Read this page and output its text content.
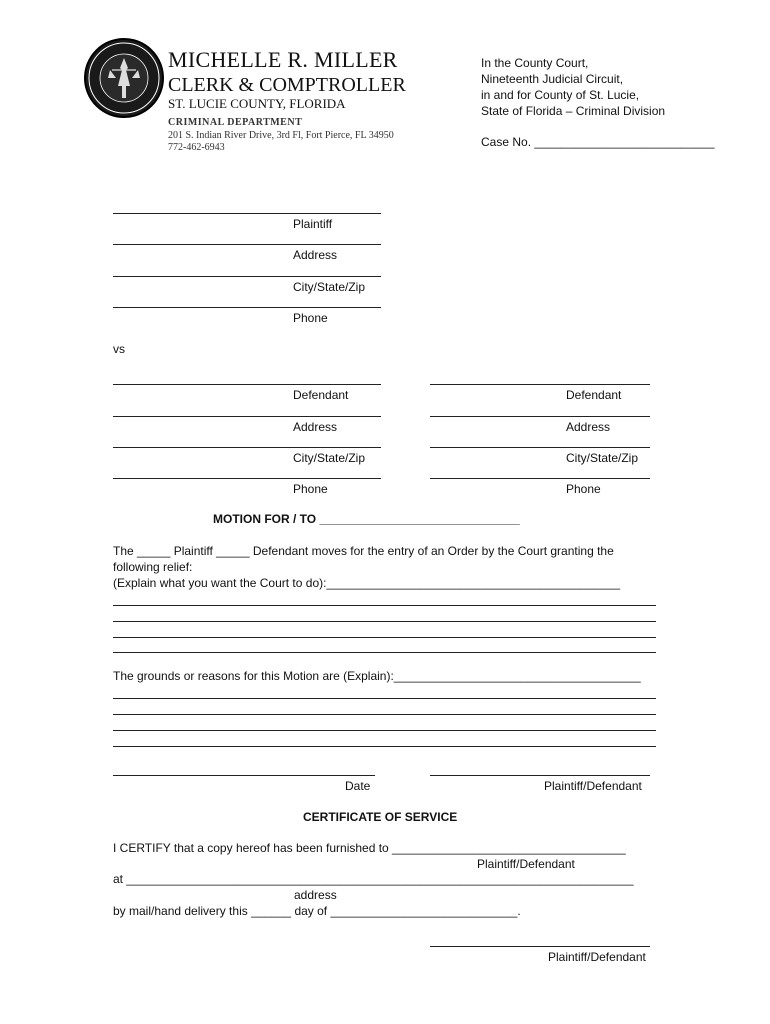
MICHELLE R. MILLER
CLERK & COMPTROLLER
ST. LUCIE COUNTY, FLORIDA
CRIMINAL DEPARTMENT
201 S. Indian River Drive, 3rd Fl, Fort Pierce, FL 34950
772-462-6943
In the County Court,
Nineteenth Judicial Circuit,
in and for County of St. Lucie,
State of Florida – Criminal Division
Case No. ___________________________
Plaintiff
Address
City/State/Zip
Phone
vs
Defendant
Address
City/State/Zip
Phone
Defendant
Address
City/State/Zip
Phone
MOTION FOR / TO ______________________________
The _____ Plaintiff _____ Defendant moves for the entry of an Order by the Court granting the
following relief:
(Explain what you want the Court to do):____________________________________________
The grounds or reasons for this Motion are (Explain):_____________________________________
Date	Plaintiff/Defendant
CERTIFICATE OF SERVICE
I CERTIFY that a copy hereof has been furnished to ___________________________________
Plaintiff/Defendant
at ____________________________________________________________________________
address
by mail/hand delivery this ______ day of ____________________________.
Plaintiff/Defendant
